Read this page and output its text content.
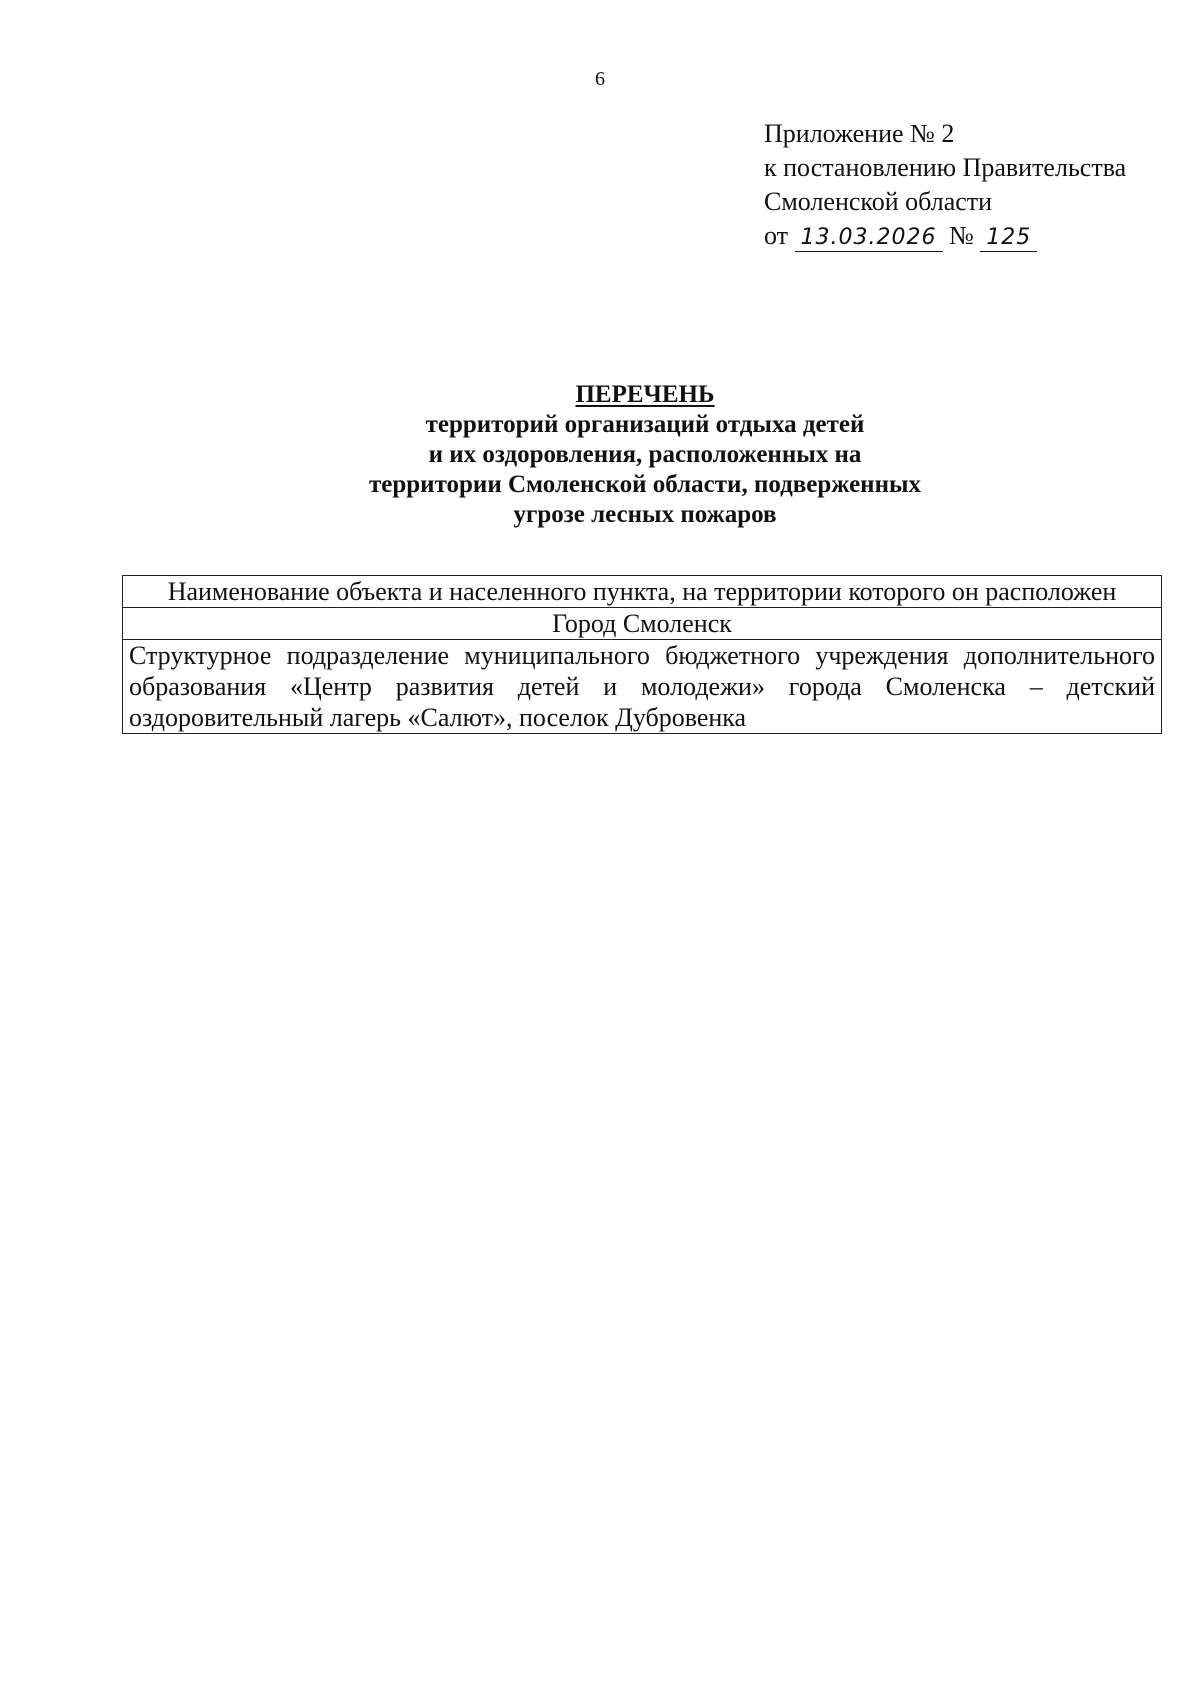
6
Приложение № 2
к постановлению Правительства
Смоленской области
от 13.03.2026 № 125
ПЕРЕЧЕНЬ
территорий организаций отдыха детей
и их оздоровления, расположенных на
территории Смоленской области, подверженных
угрозе лесных пожаров
Наименование объекта и населенного пункта, на территории которого он расположен
Город Смоленск
Структурное подразделение муниципального бюджетного учреждения дополнительного образования «Центр развития детей и молодежи» города Смоленска – детский оздоровительный лагерь «Салют», поселок Дубровенка
